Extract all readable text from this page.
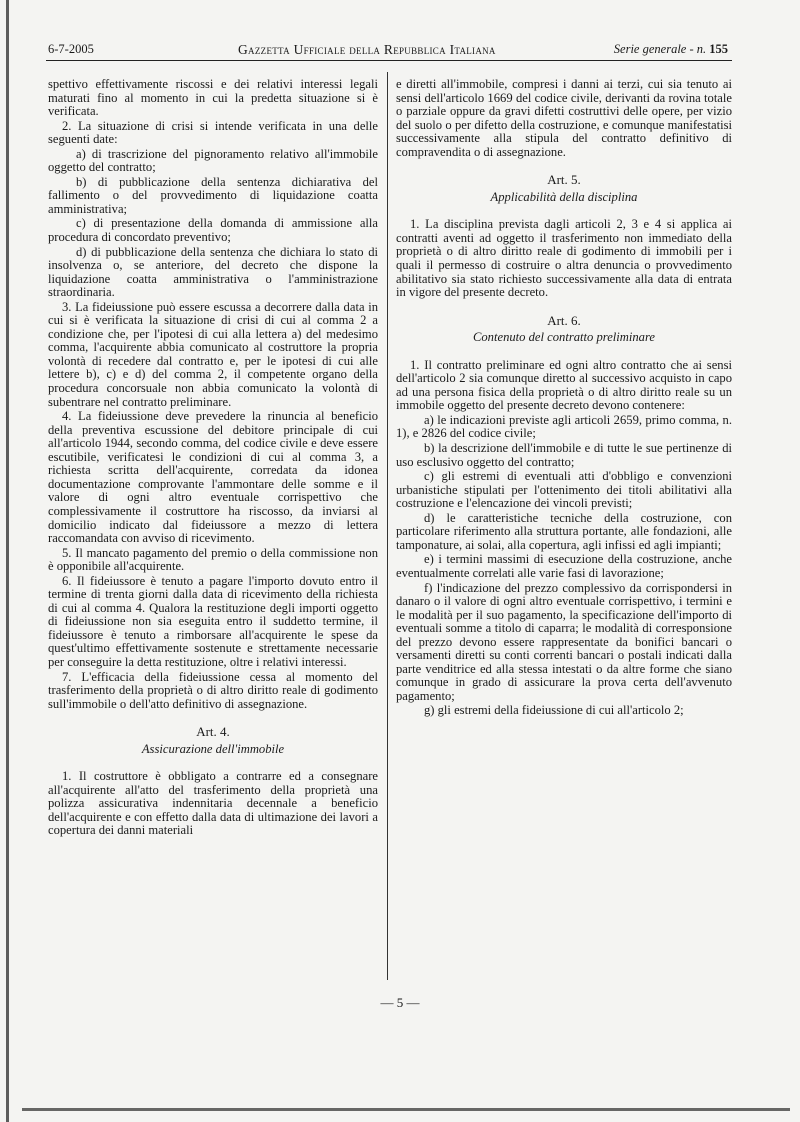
6-7-2005	Gazzetta Ufficiale della Repubblica Italiana	Serie generale - n. 155

spettivo effettivamente riscossi e dei relativi interessi legali maturati fino al momento in cui la predetta situazione si è verificata.

2. La situazione di crisi si intende verificata in una delle seguenti date:

a) di trascrizione del pignoramento relativo all'immobile oggetto del contratto;

b) di pubblicazione della sentenza dichiarativa del fallimento o del provvedimento di liquidazione coatta amministrativa;

c) di presentazione della domanda di ammissione alla procedura di concordato preventivo;

d) di pubblicazione della sentenza che dichiara lo stato di insolvenza o, se anteriore, del decreto che dispone la liquidazione coatta amministrativa o l'amministrazione straordinaria.

3. La fideiussione può essere escussa a decorrere dalla data in cui si è verificata la situazione di crisi di cui al comma 2 a condizione che, per l'ipotesi di cui alla lettera a) del medesimo comma, l'acquirente abbia comunicato al costruttore la propria volontà di recedere dal contratto e, per le ipotesi di cui alle lettere b), c) e d) del comma 2, il competente organo della procedura concorsuale non abbia comunicato la volontà di subentrare nel contratto preliminare.

4. La fideiussione deve prevedere la rinuncia al beneficio della preventiva escussione del debitore principale di cui all'articolo 1944, secondo comma, del codice civile e deve essere escutibile, verificatesi le condizioni di cui al comma 3, a richiesta scritta dell'acquirente, corredata da idonea documentazione comprovante l'ammontare delle somme e il valore di ogni altro eventuale corrispettivo che complessivamente il costruttore ha riscosso, da inviarsi al domicilio indicato dal fideiussore a mezzo di lettera raccomandata con avviso di ricevimento.

5. Il mancato pagamento del premio o della commissione non è opponibile all'acquirente.

6. Il fideiussore è tenuto a pagare l'importo dovuto entro il termine di trenta giorni dalla data di ricevimento della richiesta di cui al comma 4. Qualora la restituzione degli importi oggetto di fideiussione non sia eseguita entro il suddetto termine, il fideiussore è tenuto a rimborsare all'acquirente le spese da quest'ultimo effettivamente sostenute e strettamente necessarie per conseguire la detta restituzione, oltre i relativi interessi.

7. L'efficacia della fideiussione cessa al momento del trasferimento della proprietà o di altro diritto reale di godimento sull'immobile o dell'atto definitivo di assegnazione.

Art. 4.
Assicurazione dell'immobile

1. Il costruttore è obbligato a contrarre ed a consegnare all'acquirente all'atto del trasferimento della proprietà una polizza assicurativa indennitaria decennale a beneficio dell'acquirente e con effetto dalla data di ultimazione dei lavori a copertura dei danni materiali

e diretti all'immobile, compresi i danni ai terzi, cui sia tenuto ai sensi dell'articolo 1669 del codice civile, derivanti da rovina totale o parziale oppure da gravi difetti costruttivi delle opere, per vizio del suolo o per difetto della costruzione, e comunque manifestatisi successivamente alla stipula del contratto definitivo di compravendita o di assegnazione.

Art. 5.
Applicabilità della disciplina

1. La disciplina prevista dagli articoli 2, 3 e 4 si applica ai contratti aventi ad oggetto il trasferimento non immediato della proprietà o di altro diritto reale di godimento di immobili per i quali il permesso di costruire o altra denuncia o provvedimento abilitativo sia stato richiesto successivamente alla data di entrata in vigore del presente decreto.

Art. 6.
Contenuto del contratto preliminare

1. Il contratto preliminare ed ogni altro contratto che ai sensi dell'articolo 2 sia comunque diretto al successivo acquisto in capo ad una persona fisica della proprietà o di altro diritto reale su un immobile oggetto del presente decreto devono contenere:

a) le indicazioni previste agli articoli 2659, primo comma, n. 1), e 2826 del codice civile;

b) la descrizione dell'immobile e di tutte le sue pertinenze di uso esclusivo oggetto del contratto;

c) gli estremi di eventuali atti d'obbligo e convenzioni urbanistiche stipulati per l'ottenimento dei titoli abilitativi alla costruzione e l'elencazione dei vincoli previsti;

d) le caratteristiche tecniche della costruzione, con particolare riferimento alla struttura portante, alle fondazioni, alle tamponature, ai solai, alla copertura, agli infissi ed agli impianti;

e) i termini massimi di esecuzione della costruzione, anche eventualmente correlati alle varie fasi di lavorazione;

f) l'indicazione del prezzo complessivo da corrispondersi in danaro o il valore di ogni altro eventuale corrispettivo, i termini e le modalità per il suo pagamento, la specificazione dell'importo di eventuali somme a titolo di caparra; le modalità di corresponsione del prezzo devono essere rappresentate da bonifici bancari o versamenti diretti su conti correnti bancari o postali indicati dalla parte venditrice ed alla stessa intestati o da altre forme che siano comunque in grado di assicurare la prova certa dell'avvenuto pagamento;

g) gli estremi della fideiussione di cui all'articolo 2;

— 5 —
